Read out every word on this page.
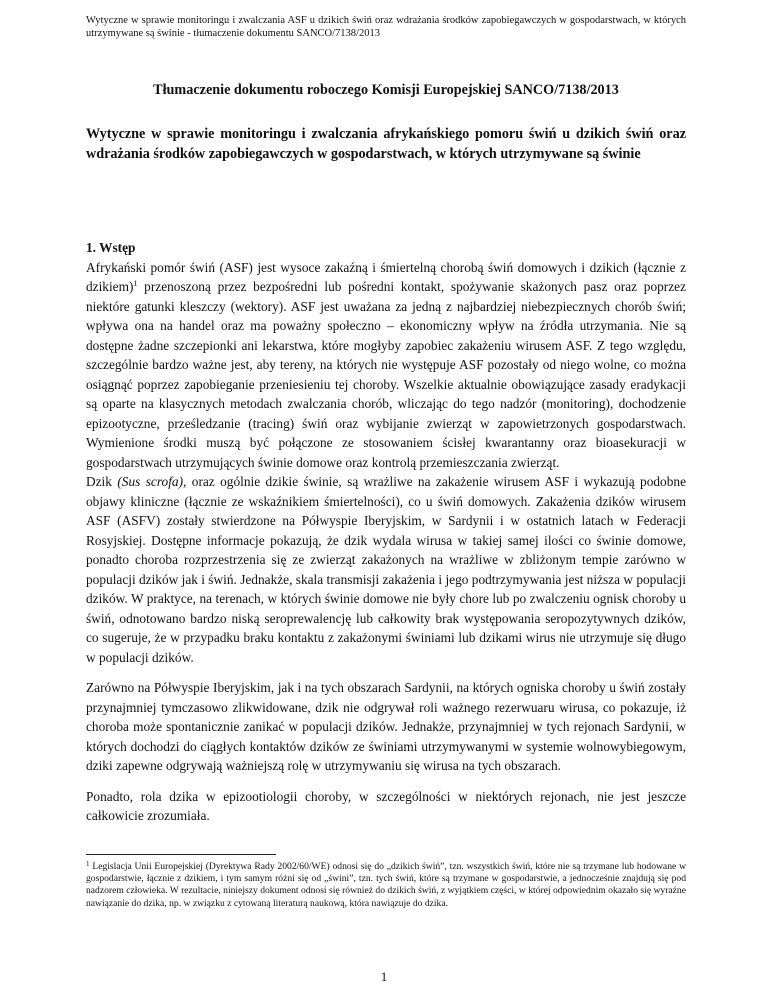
Wytyczne w sprawie monitoringu i zwalczania ASF u dzikich świń oraz wdrażania środków zapobiegawczych w gospodarstwach, w których utrzymywane są świnie - tłumaczenie dokumentu SANCO/7138/2013
Tłumaczenie dokumentu roboczego Komisji Europejskiej SANCO/7138/2013
Wytyczne w sprawie monitoringu i zwalczania afrykańskiego pomoru świń u dzikich świń oraz wdrażania środków zapobiegawczych w gospodarstwach, w których utrzymywane są świnie

1. Wstęp

Afrykański pomór świń (ASF) jest wysoce zakaźną i śmiertelną chorobą świń domowych i dzikich (łącznie z dzikiem)$^1$ przenoszoną przez bezpośredni lub pośredni kontakt, spożywanie skażonych pasz oraz poprzez niektóre gatunki kleszczy (wektory). ASF jest uważana za jedną z najbardziej niebezpiecznych chorób świń; wpływa ona na handel oraz ma poważny społeczno – ekonomiczny wpływ na źródła utrzymania. Nie są dostępne żadne szczepionki ani lekarstwa, które mogłyby zapobiec zakażeniu wirusem ASF. Z tego względu, szczególnie bardzo ważne jest, aby tereny, na których nie występuje ASF pozostały od niego wolne, co można osiągnąć poprzez zapobieganie przeniesieniu tej choroby. Wszelkie aktualnie obowiązujące zasady eradykacji są oparte na klasycznych metodach zwalczania chorób, wliczając do tego nadzór (monitoring), dochodzenie epizootyczne, prześledzanie (tracing) świń oraz wybijanie zwierząt w zapowietrzonych gospodarstwach. Wymienione środki muszą być połączone ze stosowaniem ścisłej kwarantanny oraz bioasekuracji w gospodarstwach utrzymujących świnie domowe oraz kontrolą przemieszczania zwierząt.

Dzik (Sus scrofa), oraz ogólnie dzikie świnie, są wrażliwe na zakażenie wirusem ASF i wykazują podobne objawy kliniczne (łącznie ze wskaźnikiem śmiertelności), co u świń domowych. Zakażenia dzików wirusem ASF (ASFV) zostały stwierdzone na Półwyspie Iberyjskim, w Sardynii i w ostatnich latach w Federacji Rosyjskiej. Dostępne informacje pokazują, że dzik wydala wirusa w takiej samej ilości co świnie domowe, ponadto choroba rozprzestrzenia się ze zwierząt zakażonych na wrażliwe w zbliżonym tempie zarówno w populacji dzików jak i świń. Jednakże, skala transmisji zakażenia i jego podtrzymywania jest niższa w populacji dzików. W praktyce, na terenach, w których świnie domowe nie były chore lub po zwalczeniu ognisk choroby u świń, odnotowano bardzo niską seroprewalencję lub całkowity brak występowania seropozytywnych dzików, co sugeruje, że w przypadku braku kontaktu z zakażonymi świniami lub dzikami wirus nie utrzymuje się długo w populacji dzików.

Zarówno na Półwyspie Iberyjskim, jak i na tych obszarach Sardynii, na których ogniska choroby u świń zostały przynajmniej tymczasowo zlikwidowane, dzik nie odgrywał roli ważnego rezerwuaru wirusa, co pokazuje, iż choroba może spontanicznie zanikać w populacji dzików. Jednakże, przynajmniej w tych rejonach Sardynii, w których dochodzi do ciągłych kontaktów dzików ze świniami utrzymywanymi w systemie wolnowybiegowym, dziki zapewne odgrywają ważniejszą rolę w utrzymywaniu się wirusa na tych obszarach.

Ponadto, rola dzika w epizootiologii choroby, w szczególności w niektórych rejonach, nie jest jeszcze całkowicie zrozumiała.

$^1$ Legislacja Unii Europejskiej (Dyrektywa Rady 2002/60/WE) odnosi się do „dzikich świń”, tzn. wszystkich świń, które nie są trzymane lub hodowane w gospodarstwie, łącznie z dzikiem, i tym samym różni się od „świni”, tzn. tych świń, które są trzymane w gospodarstwie, a jednocześnie znajdują się pod nadzorem człowieka. W rezultacie, niniejszy dokument odnosi się również do dzikich świń, z wyjątkiem części, w której odpowiednim okazało się wyraźne nawiązanie do dzika, np. w związku z cytowaną literaturą naukową, która nawiązuje do dzika.
1
